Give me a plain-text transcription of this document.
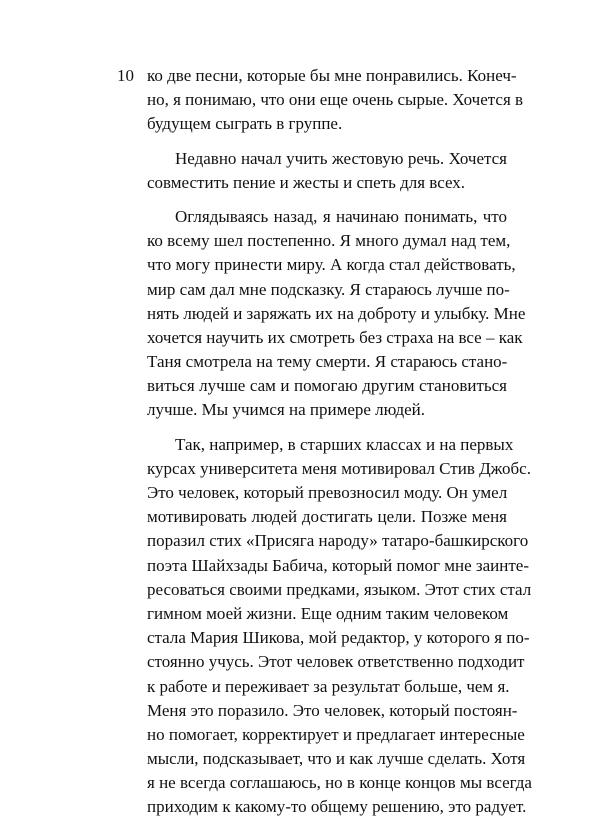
10 ко две песни, которые бы мне понравились. Конеч-
но, я понимаю, что они еще очень сырые. Хочется в
будущем сыграть в группе.
Недавно начал учить жестовую речь. Хочется
совместить пение и жесты и спеть для всех.
Оглядываясь назад, я начинаю понимать, что
ко всему шел постепенно. Я много думал над тем,
что могу принести миру. А когда стал действовать,
мир сам дал мне подсказку. Я стараюсь лучше по-
нять людей и заряжать их на доброту и улыбку. Мне
хочется научить их смотреть без страха на все – как
Таня смотрела на тему смерти. Я стараюсь стано-
виться лучше сам и помогаю другим становиться
лучше. Мы учимся на примере людей.
Так, например, в старших классах и на первых
курсах университета меня мотивировал Стив Джобс.
Это человек, который превозносил моду. Он умел
мотивировать людей достигать цели. Позже меня
поразил стих «Присяга народу» татаро-башкирского
поэта Шайхзады Бабича, который помог мне заинте-
ресоваться своими предками, языком. Этот стих стал
гимном моей жизни. Еще одним таким человеком
стала Мария Шикова, мой редактор, у которого я по-
стоянно учусь. Этот человек ответственно подходит
к работе и переживает за результат больше, чем я.
Меня это поразило. Это человек, который постоян-
но помогает, корректирует и предлагает интересные
мысли, подсказывает, что и как лучше сделать. Хотя
я не всегда соглашаюсь, но в конце концов мы всегда
приходим к какому-то общему решению, это радует.
